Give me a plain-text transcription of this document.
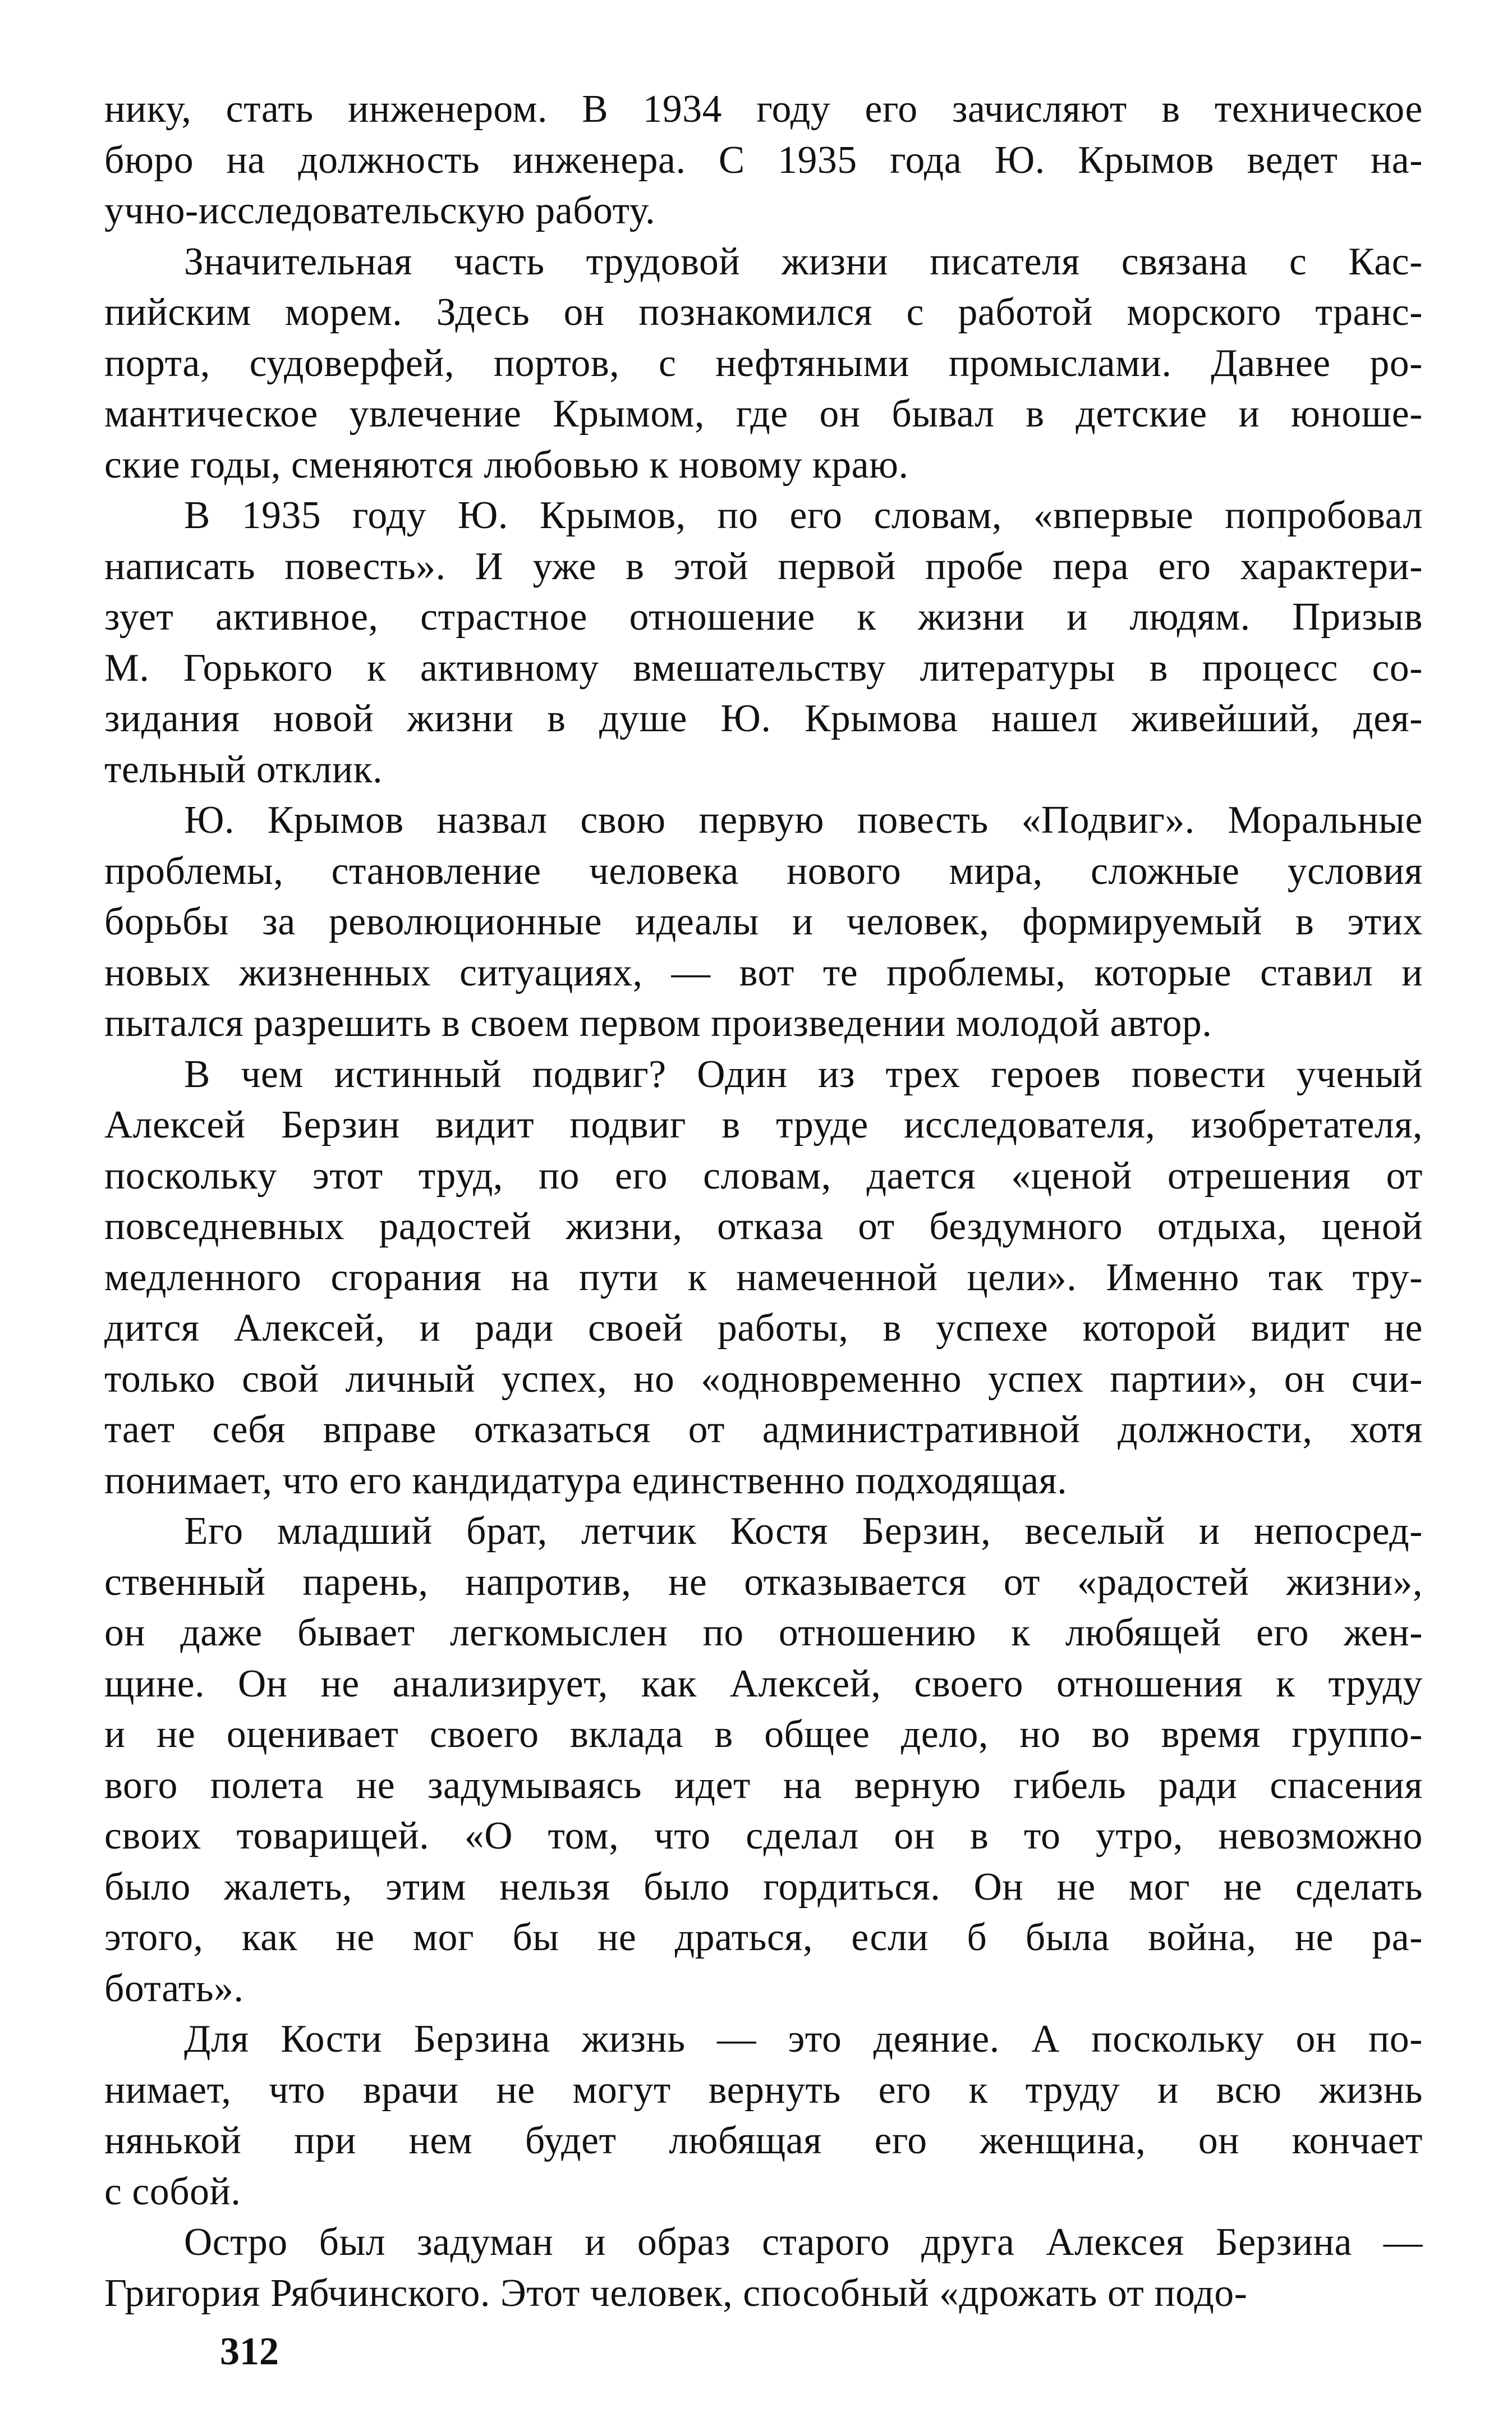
нику, стать инженером. В 1934 году его зачисляют в техническое
бюро на должность инженера. С 1935 года Ю. Крымов ведет на-
учно-исследовательскую работу.
Значительная часть трудовой жизни писателя связана с Кас-
пийским морем. Здесь он познакомился с работой морского транс-
порта, судоверфей, портов, с нефтяными промыслами. Давнее ро-
мантическое увлечение Крымом, где он бывал в детские и юноше-
ские годы, сменяются любовью к новому краю.
В 1935 году Ю. Крымов, по его словам, «впервые попробовал
написать повесть». И уже в этой первой пробе пера его характери-
зует активное, страстное отношение к жизни и людям. Призыв
М. Горького к активному вмешательству литературы в процесс со-
зидания новой жизни в душе Ю. Крымова нашел живейший, дея-
тельный отклик.
Ю. Крымов назвал свою первую повесть «Подвиг». Моральные
проблемы, становление человека нового мира, сложные условия
борьбы за революционные идеалы и человек, формируемый в этих
новых жизненных ситуациях, — вот те проблемы, которые ставил и
пытался разрешить в своем первом произведении молодой автор.
В чем истинный подвиг? Один из трех героев повести ученый
Алексей Берзин видит подвиг в труде исследователя, изобретателя,
поскольку этот труд, по его словам, дается «ценой отрешения от
повседневных радостей жизни, отказа от бездумного отдыха, ценой
медленного сгорания на пути к намеченной цели». Именно так тру-
дится Алексей, и ради своей работы, в успехе которой видит не
только свой личный успех, но «одновременно успех партии», он счи-
тает себя вправе отказаться от административной должности, хотя
понимает, что его кандидатура единственно подходящая.
Его младший брат, летчик Костя Берзин, веселый и непосред-
ственный парень, напротив, не отказывается от «радостей жизни»,
он даже бывает легкомыслен по отношению к любящей его жен-
щине. Он не анализирует, как Алексей, своего отношения к труду
и не оценивает своего вклада в общее дело, но во время группо-
вого полета не задумываясь идет на верную гибель ради спасения
своих товарищей. «О том, что сделал он в то утро, невозможно
было жалеть, этим нельзя было гордиться. Он не мог не сделать
этого, как не мог бы не драться, если б была война, не ра-
ботать».
Для Кости Берзина жизнь — это деяние. А поскольку он по-
нимает, что врачи не могут вернуть его к труду и всю жизнь
нянькой при нем будет любящая его женщина, он кончает
с собой.
Остро был задуман и образ старого друга Алексея Берзина —
Григория Рябчинского. Этот человек, способный «дрожать от подо-
312
